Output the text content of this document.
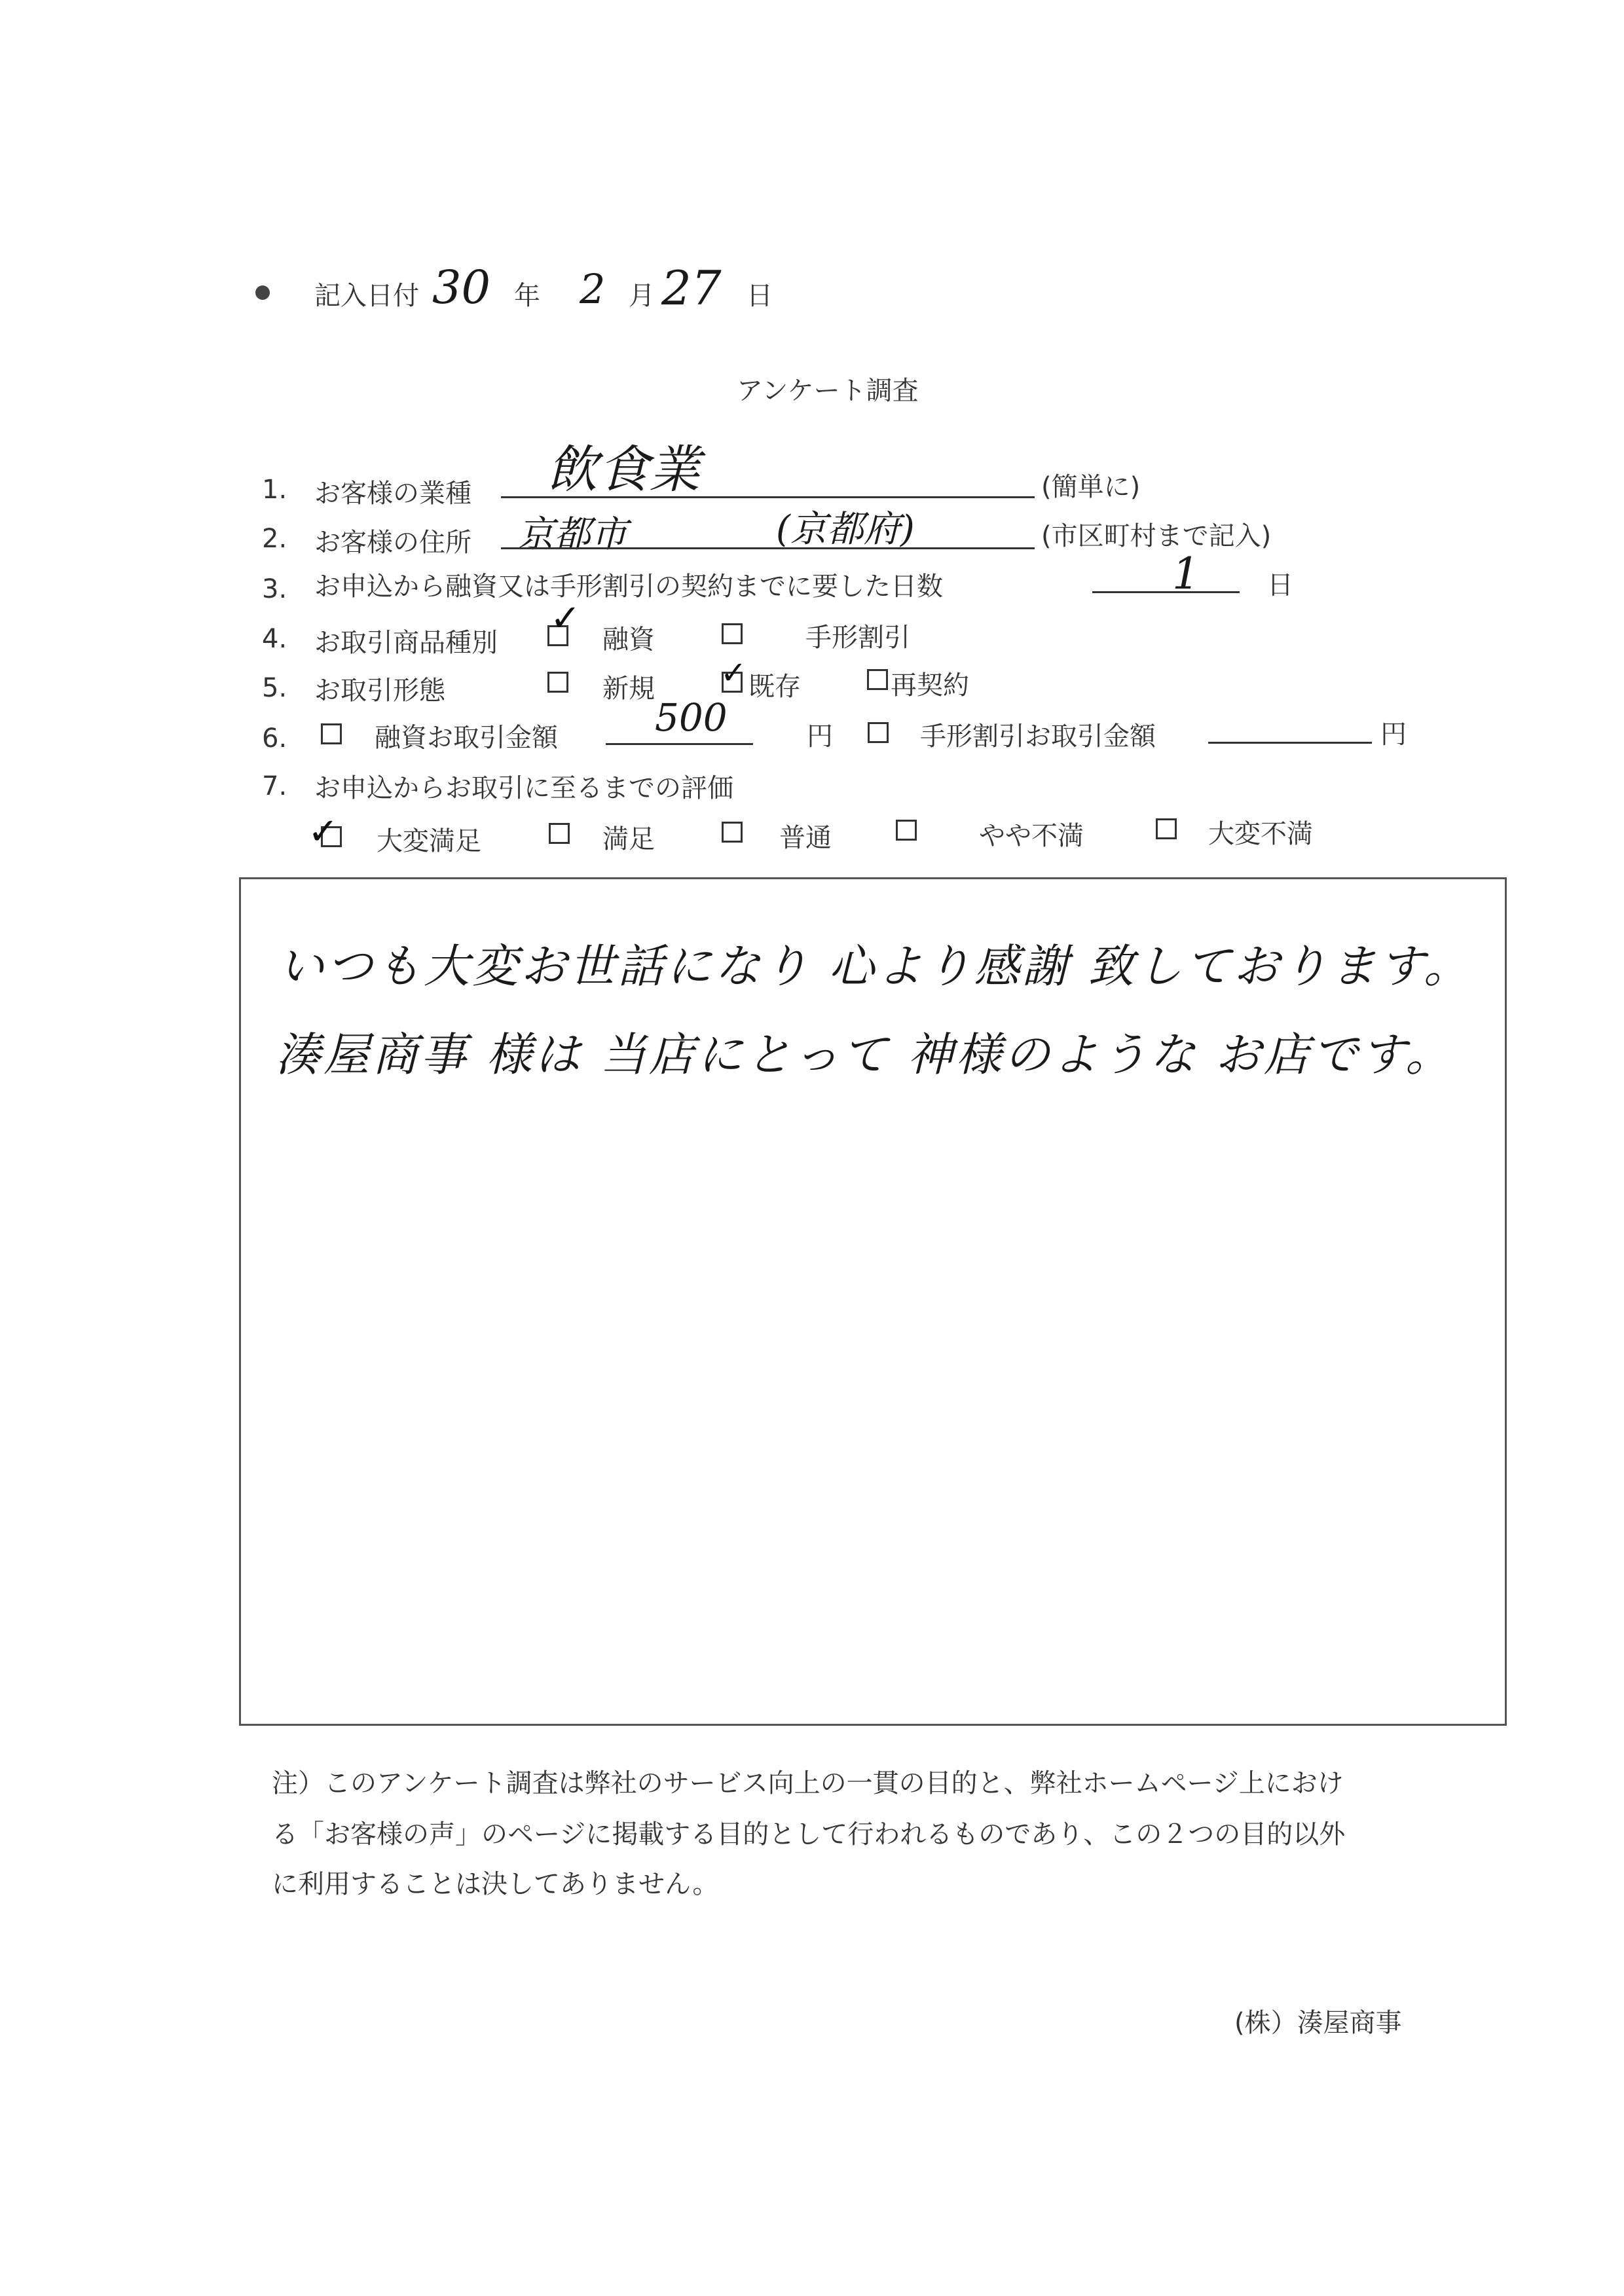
記入日付 30 年 2 月 27 日
アンケート調査
1. お客様の業種 飲食業	(簡単に)
2. お客様の住所 京都市	(京都府)	(市区町村まで記入)
3. お申込から融資又は手形割引の契約までに要した日数	1	日
4. お取引商品種別
✓ 融資	手形割引
5. お取引形態	新規 ✓ 既存	再契約
6.	融資お取引金額	500	円	手形割引お取引金額	円
7. お申込からお取引に至るまでの評価
✓ 大変満足	満足	普通	やや不満	大変不満
いつも大変お世話になり 心より感謝 致しております。
湊屋商事 様は 当店にとって 神様のような お店です。
注）このアンケート調査は弊社のサービス向上の一貫の目的と、弊社ホームページ上におけ
る「お客様の声」のページに掲載する目的として行われるものであり、この２つの目的以外
に利用することは決してありません。
(株）湊屋商事
